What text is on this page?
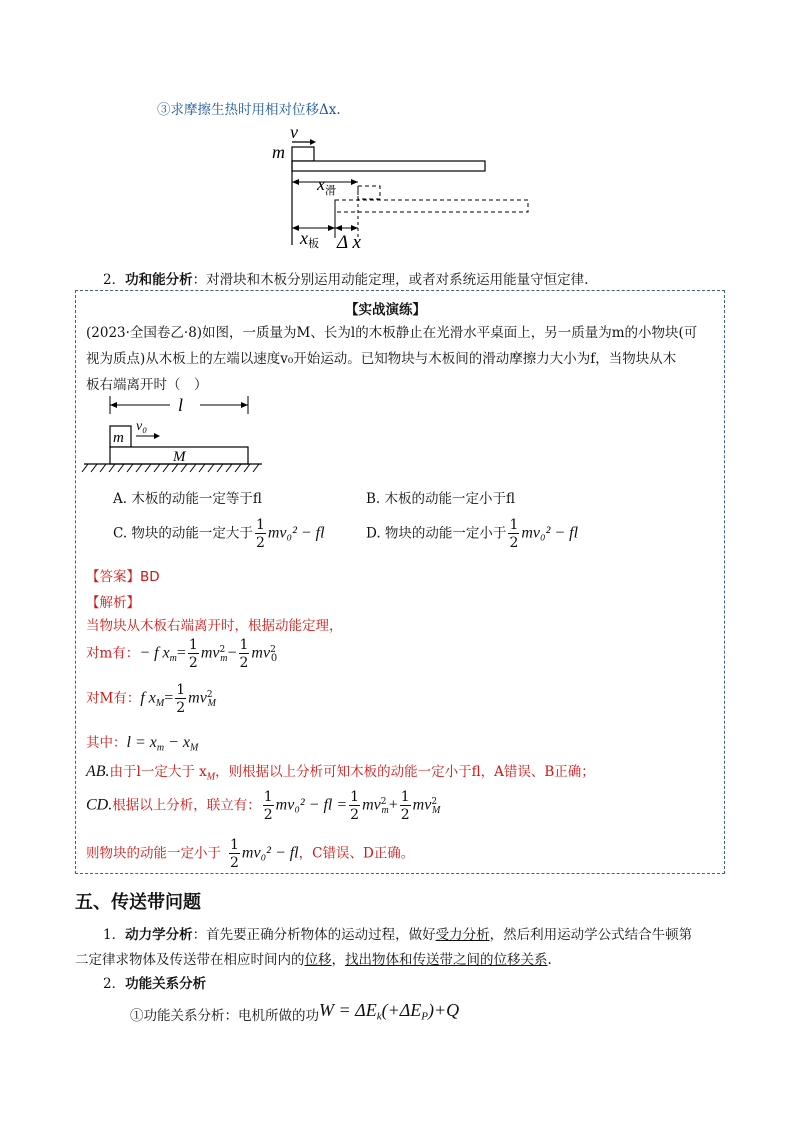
③求摩擦生热时用相对位移Δx.
v
m
$x_滑$
x板 Δ x
2．功和能分析：对滑块和木板分别运用动能定理，或者对系统运用能量守恒定律.
【实战演练】
(2023·全国卷乙·8)如图，一质量为M、长为l的木板静止在光滑水平桌面上，另一质量为m的小物块(可
视为质点)从木板上的左端以速度v₀开始运动。已知物块与木板间的滑动摩擦力大小为f，当物块从木
板右端离开时（　）
l
m
v₀
M
A. 木板的动能一定等于fl	B. 木板的动能一定小于fl
C. 物块的动能一定大于 $\frac{1}{2} mv_0^2$ − fl	D. 物块的动能一定小于 $\frac{1}{2} mv_0^2$ − fl
【答案】BD
【解析】
当物块从木板右端离开时，根据动能定理，
对m有：− f $x_m= \frac{1}{2} mv^2_m- \frac{1}{2} mv^2_0$
对M有：f $x_M= \frac{1}{2} mv^2_M$
其中：$l = x_m - x_M$
AB.由于l一定大于 $x_M$，则根据以上分析可知木板的动能一定小于fl，A错误、B正确；
CD.根据以上分析，联立有： $\frac{1}{2} mv_0^2$ − fl = $\frac{1}{2} mv^2_m+ \frac{1}{2} mv^2_M$
则物块的动能一定小于 $\frac{1}{2} mv_0^2$ − fl，C错误、D正确。
五、传送带问题
1．动力学分析：首先要正确分析物体的运动过程，做好受力分析，然后利用运动学公式结合牛顿第
二定律求物体及传送带在相应时间内的位移，找出物体和传送带之间的位移关系.
2．功能关系分析
①功能关系分析：电机所做的功$W = \Delta E_k(+\Delta E_P)+Q$
